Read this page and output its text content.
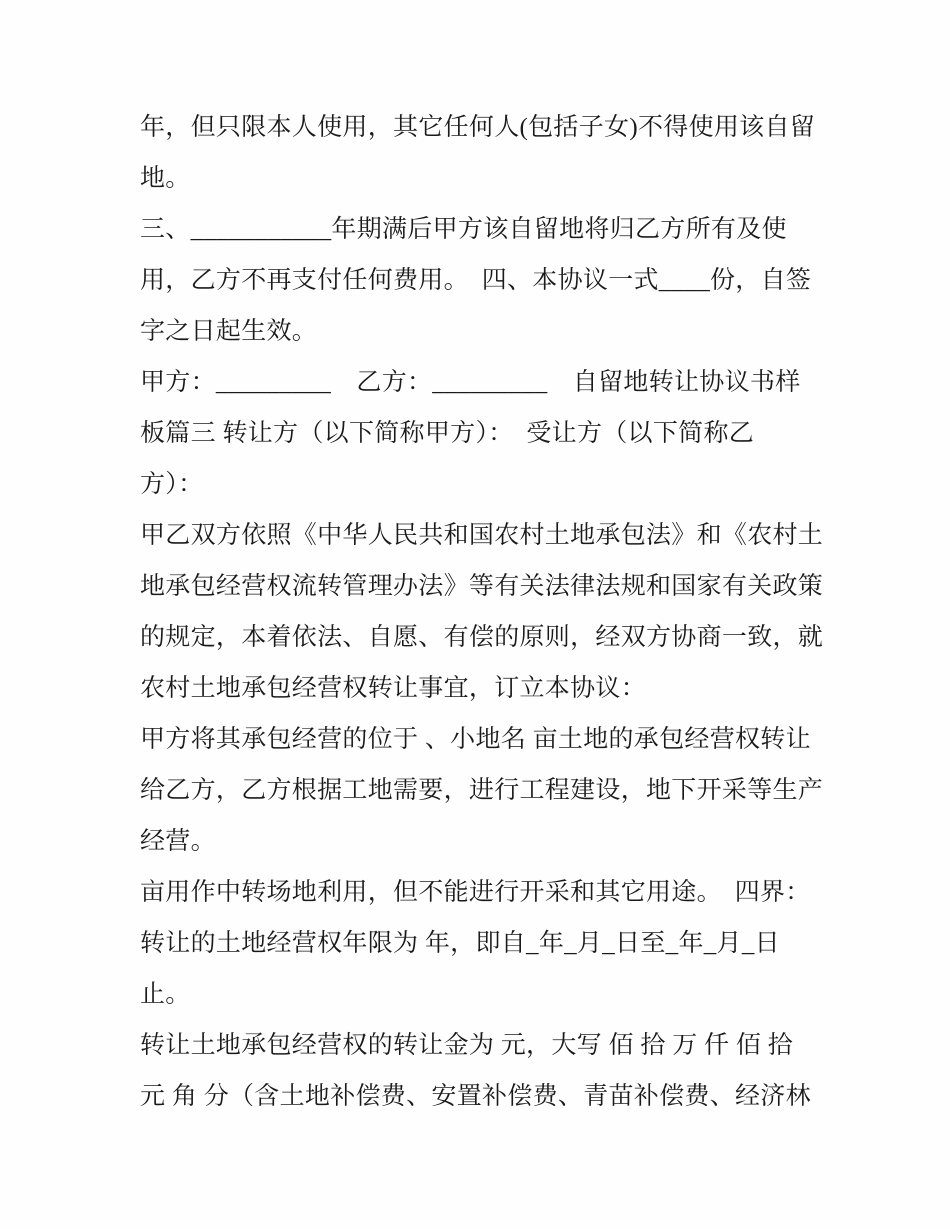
年，但只限本人使用，其它任何人(包括子女)不得使用该自留
地。
三、___________年期满后甲方该自留地将归乙方所有及使
用，乙方不再支付任何费用。　四、本协议一式____份，自签
字之日起生效。
甲方：_________　乙方：_________　自留地转让协议书样
板篇三 转让方（以下简称甲方）：　受让方（以下简称乙
方）：
甲乙双方依照《中华人民共和国农村土地承包法》和《农村土
地承包经营权流转管理办法》等有关法律法规和国家有关政策
的规定，本着依法、自愿、有偿的原则，经双方协商一致，就
农村土地承包经营权转让事宜，订立本协议：
甲方将其承包经营的位于 、小地名 亩土地的承包经营权转让
给乙方，乙方根据工地需要，进行工程建设，地下开采等生产
经营。
亩用作中转场地利用，但不能进行开采和其它用途。　四界：
转让的土地经营权年限为 年，即自_年_月_日至_年_月_日
止。
转让土地承包经营权的转让金为 元，大写 佰 拾 万 仟 佰 拾
元 角 分（含土地补偿费、安置补偿费、青苗补偿费、经济林
